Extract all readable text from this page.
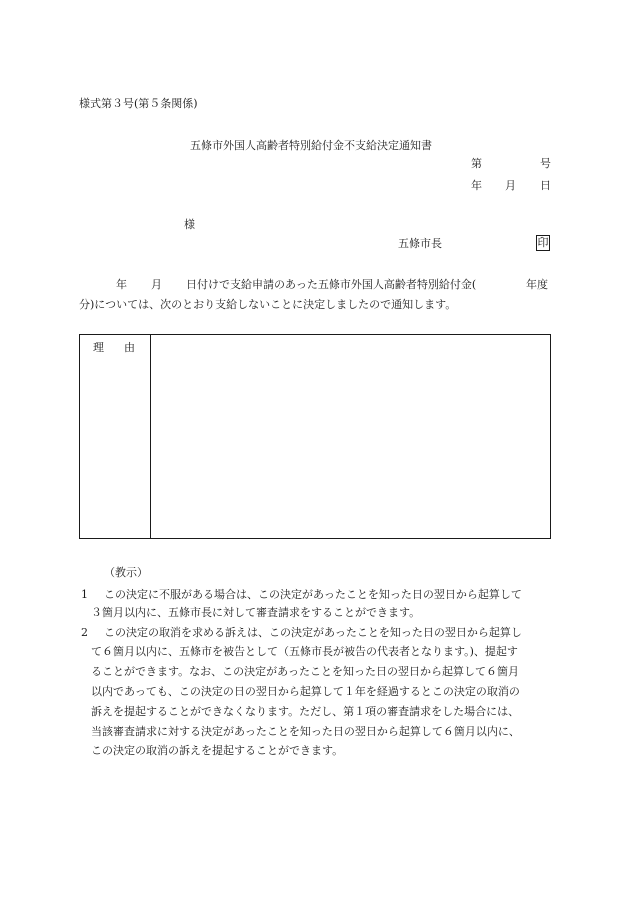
様式第３号(第５条関係)
五條市外国人高齢者特別給付金不支給決定通知書
第	号
年 月 日
様
五條市長	印
年 月 日付けで支給申請のあった五條市外国人高齢者特別給付金(	年度
分)については、次のとおり支給しないことに決定しましたので通知します。
理 由
（教示）
1 この決定に不服がある場合は、この決定があったことを知った日の翌日から起算して
３箇月以内に、五條市長に対して審査請求をすることができます。
2 この決定の取消を求める訴えは、この決定があったことを知った日の翌日から起算し
て６箇月以内に、五條市を被告として（五條市長が被告の代表者となります。)、提起す
ることができます。なお、この決定があったことを知った日の翌日から起算して６箇月
以内であっても、この決定の日の翌日から起算して１年を経過するとこの決定の取消の
訴えを提起することができなくなります。ただし、第１項の審査請求をした場合には、
当該審査請求に対する決定があったことを知った日の翌日から起算して６箇月以内に、
この決定の取消の訴えを提起することができます。
